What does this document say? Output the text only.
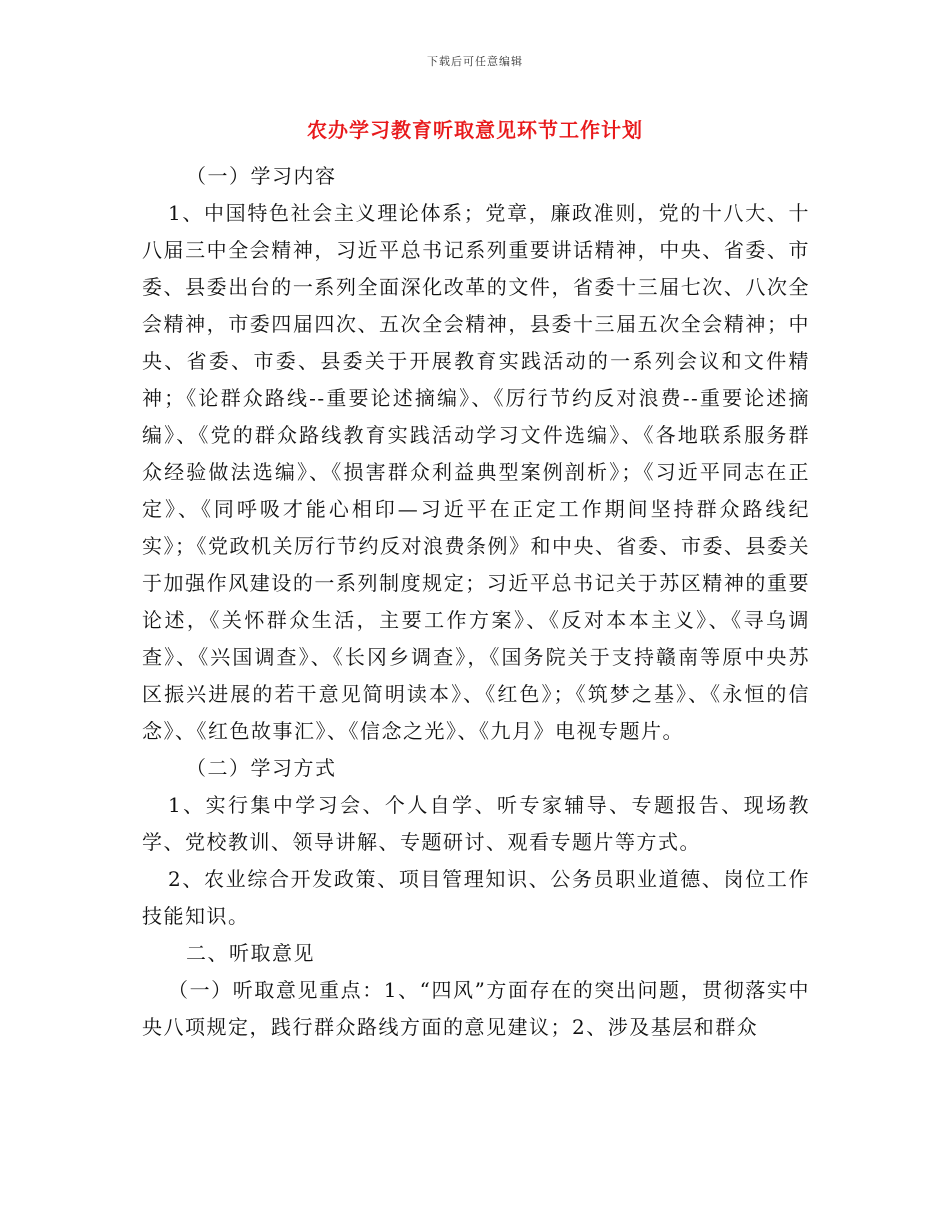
下载后可任意编辑
农办学习教育听取意见环节工作计划

（一）学习内容

1、中国特色社会主义理论体系；党章，廉政准则，党的十八大、十八届三中全会精神，习近平总书记系列重要讲话精神，中央、省委、市委、县委出台的一系列全面深化改革的文件，省委十三届七次、八次全会精神，市委四届四次、五次全会精神，县委十三届五次全会精神；中央、省委、市委、县委关于开展教育实践活动的一系列会议和文件精神；《论群众路线--重要论述摘编》、《厉行节约反对浪费--重要论述摘编》、《党的群众路线教育实践活动学习文件选编》、《各地联系服务群众经验做法选编》、《损害群众利益典型案例剖析》；《习近平同志在正定》、《同呼吸才能心相印—习近平在正定工作期间坚持群众路线纪实》；《党政机关厉行节约反对浪费条例》和中央、省委、市委、县委关于加强作风建设的一系列制度规定；习近平总书记关于苏区精神的重要论述，《关怀群众生活，主要工作方案》、《反对本本主义》、《寻乌调查》、《兴国调查》、《长冈乡调查》，《国务院关于支持赣南等原中央苏区振兴进展的若干意见简明读本》、《红色》；《筑梦之基》、《永恒的信念》、《红色故事汇》、《信念之光》、《九月》电视专题片。

（二）学习方式

1、实行集中学习会、个人自学、听专家辅导、专题报告、现场教学、党校教训、领导讲解、专题研讨、观看专题片等方式。

2、农业综合开发政策、项目管理知识、公务员职业道德、岗位工作技能知识。

二、听取意见

（一）听取意见重点：1、“四风”方面存在的突出问题，贯彻落实中央八项规定，践行群众路线方面的意见建议；2、涉及基层和群众
